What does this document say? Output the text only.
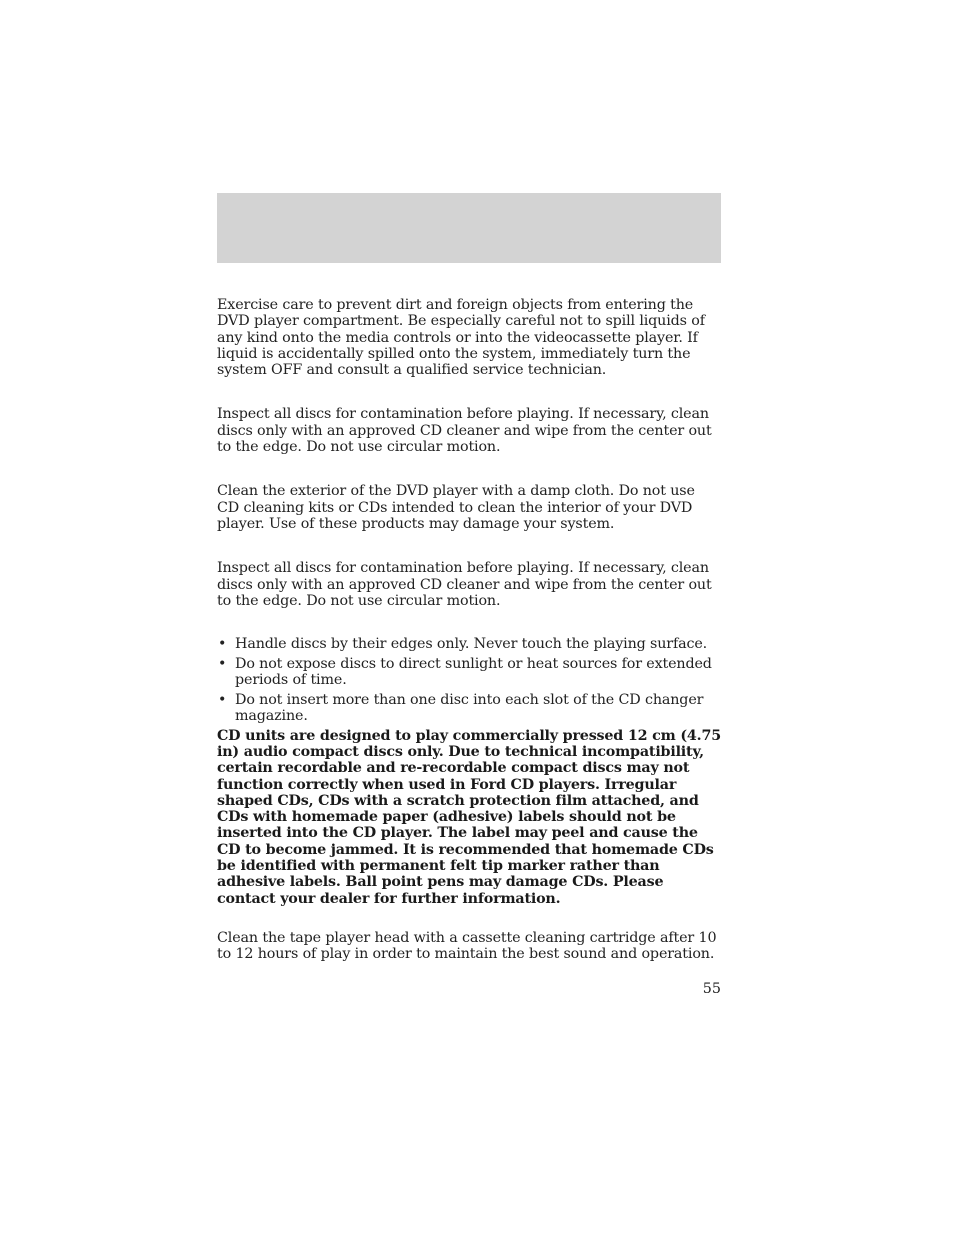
Exercise care to prevent dirt and foreign objects from entering the DVD player compartment. Be especially careful not to spill liquids of any kind onto the media controls or into the videocassette player. If liquid is accidentally spilled onto the system, immediately turn the system OFF and consult a qualified service technician.

Inspect all discs for contamination before playing. If necessary, clean discs only with an approved CD cleaner and wipe from the center out to the edge. Do not use circular motion.

Clean the exterior of the DVD player with a damp cloth. Do not use CD cleaning kits or CDs intended to clean the interior of your DVD player. Use of these products may damage your system.

Inspect all discs for contamination before playing. If necessary, clean discs only with an approved CD cleaner and wipe from the center out to the edge. Do not use circular motion.

• Handle discs by their edges only. Never touch the playing surface.
• Do not expose discs to direct sunlight or heat sources for extended periods of time.
• Do not insert more than one disc into each slot of the CD changer magazine.

CD units are designed to play commercially pressed 12 cm (4.75 in) audio compact discs only. Due to technical incompatibility, certain recordable and re-recordable compact discs may not function correctly when used in Ford CD players. Irregular shaped CDs, CDs with a scratch protection film attached, and CDs with homemade paper (adhesive) labels should not be inserted into the CD player. The label may peel and cause the CD to become jammed. It is recommended that homemade CDs be identified with permanent felt tip marker rather than adhesive labels. Ball point pens may damage CDs. Please contact your dealer for further information.

Clean the tape player head with a cassette cleaning cartridge after 10 to 12 hours of play in order to maintain the best sound and operation.

55
